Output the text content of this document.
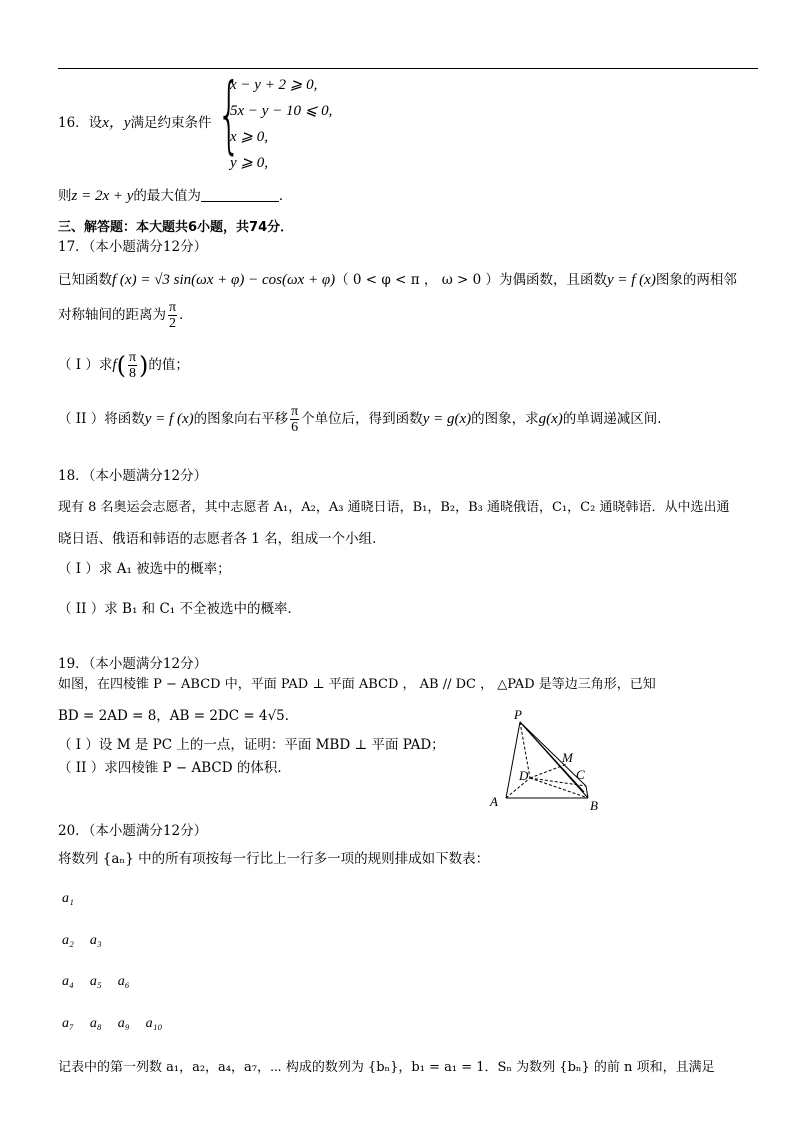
16．设x，y满足约束条件 {
x − y + 2 ⩾ 0,
5x − y − 10 ⩽ 0,
x ⩾ 0,
y ⩾ 0,
则z = 2x + y的最大值为	．
三、解答题：本大题共6小题，共74分．
17．（本小题满分12分）
已知函数f (x) = √3 sin(ωx + φ) − cos(ωx + φ)（ 0 < φ < π ， ω > 0 ）为偶函数，且函数y = f (x)图象的两相邻
对称轴间的距离为 $\frac{\pi}{2}$ ．
（ I ）求$f( \frac{\pi}{8}$ )的值；
（ II ）将函数y = f (x)的图象向右平移 $\frac{\pi}{6}$ 个单位后，得到函数y = g(x)的图象，求g(x)的单调递减区间．
18．（本小题满分12分）
现有 8 名奥运会志愿者，其中志愿者 A₁，A₂，A₃ 通晓日语，B₁，B₂，B₃ 通晓俄语，C₁，C₂ 通晓韩语．从中选出通
晓日语、俄语和韩语的志愿者各 1 名，组成一个小组．
（ I ）求 A₁ 被选中的概率；
（ II ）求 B₁ 和 C₁ 不全被选中的概率．
19．（本小题满分12分）
如图，在四棱锥 P − ABCD 中，平面 PAD ⊥ 平面 ABCD ， AB // DC ， △PAD 是等边三角形，已知
BD = 2AD = 8，AB = 2DC = 4√5．
（ I ）设 M 是 PC 上的一点，证明：平面 MBD ⊥ 平面 PAD；
（ II ）求四棱锥 P − ABCD 的体积．
P
M
D	C
A	B
20．（本小题满分12分）
将数列 {aₙ} 中的所有项按每一行比上一行多一项的规则排成如下数表：
a₁
a₂ a₃
a₄ a₅ a₆
a₇ a₈ a₉ a₁₀
记表中的第一列数 a₁，a₂，a₄，a₇，⋯ 构成的数列为 {bₙ}，b₁ = a₁ = 1．Sₙ 为数列 {bₙ} 的前 n 项和，且满足
